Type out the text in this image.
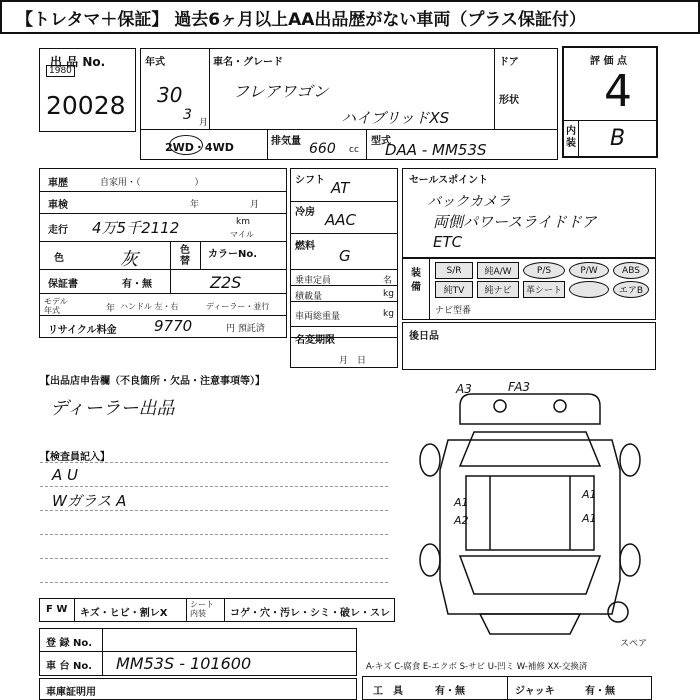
【トレタマ＋保証】 過去6ヶ月以上AA出品歴がない車両（プラス保証付）
出 品 No.
1980
20028
年式
30
3 月
車名・グレード
フレアワゴン
ハイブリッドXS
ドア
形状
2WD・4WD	排気量 660 cc
型式
DAA - MM53S
評 価 点
4
内装 B
車歴	自家用・（　　　　　　）
車検	年	月
走行 4万5千2112	km
マイル
色	灰	色替
カラーNo.
保証書	有・無	Z2S
モデル年式	年 ハンドル 左・右	ディーラー・並行
リサイクル料金 9770	円 預託済
シフト AT
冷房 AAC
燃料
G
乗車定員	名
積載量	kg
車両総重量	kg
名変期限
月　日
セールスポイント
バックカメラ
両側パワースライドドア
ETC
装備
S/R	純A/W	P/S	P/W	ABS
純TV 純ナビ 革シート	エアB
ナビ型番
後日品
【出品店申告欄（不良箇所・欠品・注意事項等）】
ディーラー出品
【検査員記入】
A U
Wガラス A
A3	FA3
A1
A2
A1
A1
スペア
F W キズ・ヒビ・割レX
シート内装	コゲ・穴・汚レ・シミ・破レ・スレ
登 録 No.
車 台 No. MM53S - 101600
車庫証明用
A-キズ C-腐食 E-エクボ S-サビ U-凹ミ W-補修 XX-交換済
工　具	有・無	ジャッキ	有・無
